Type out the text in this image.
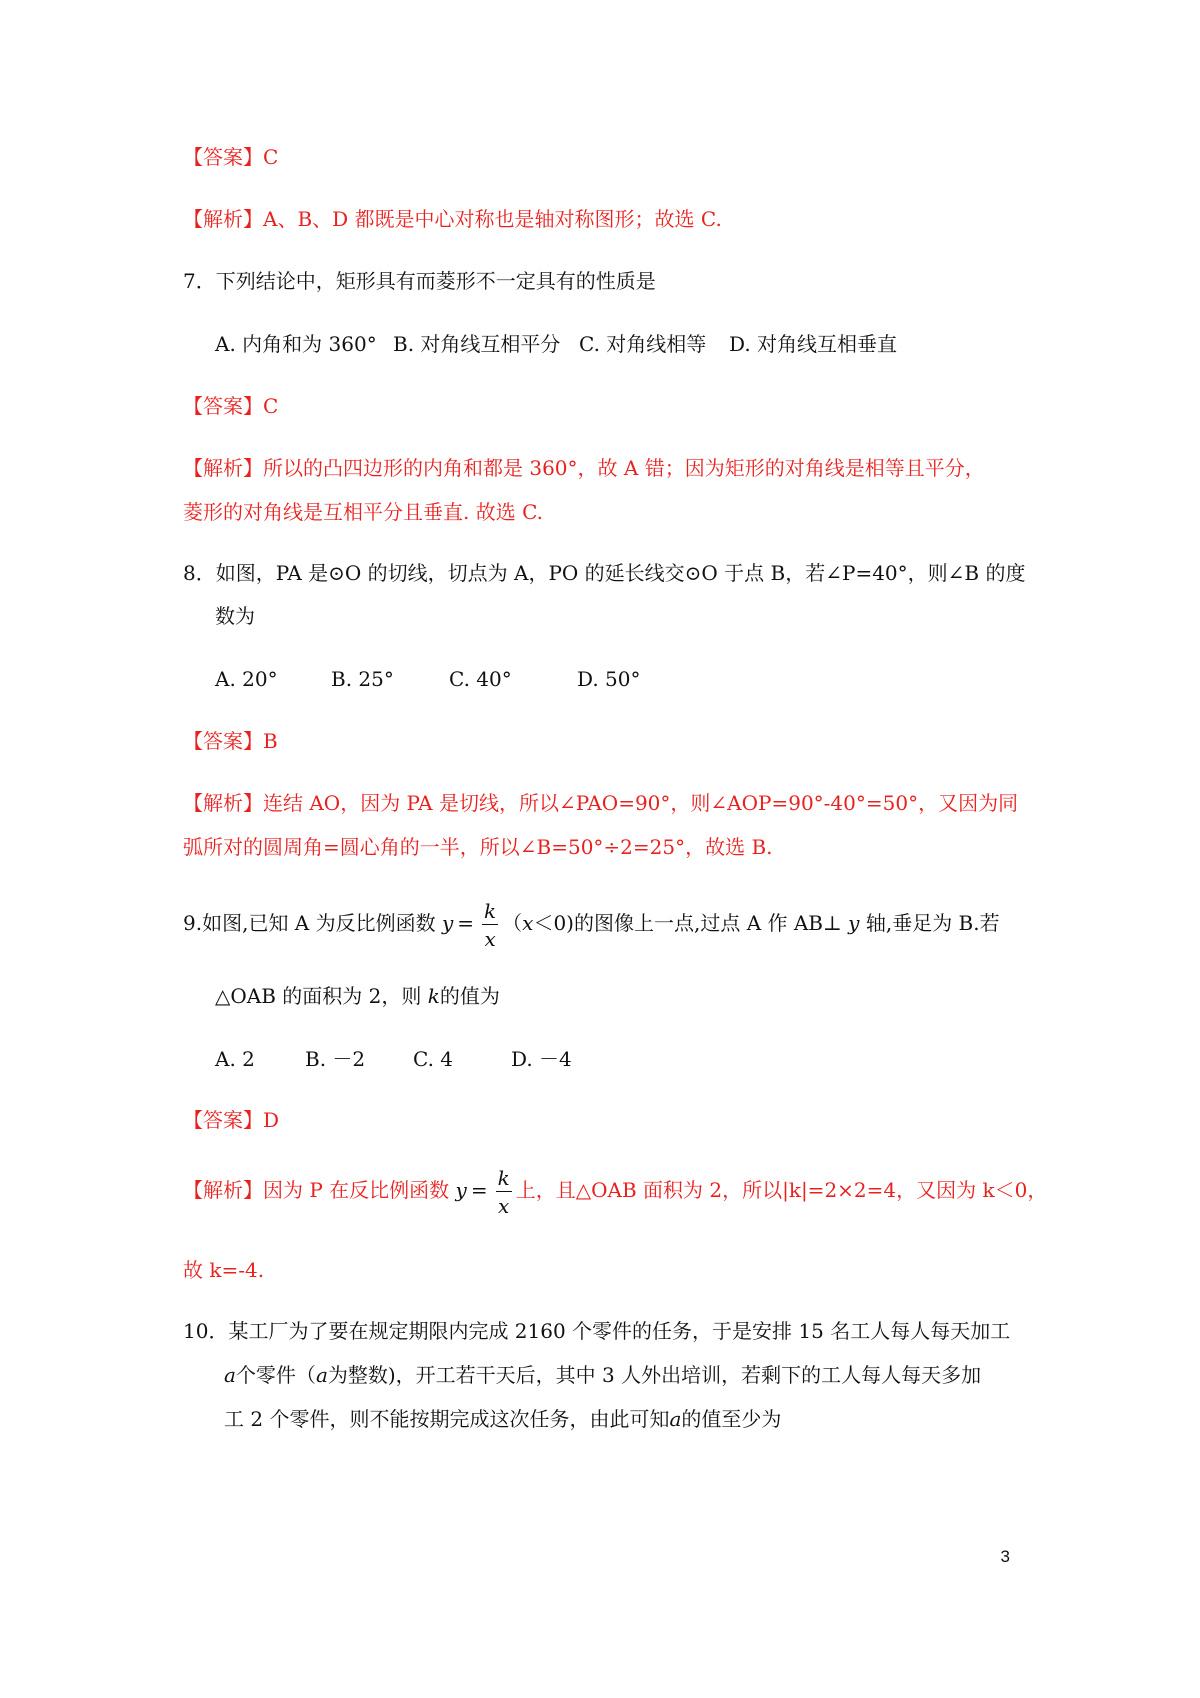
【答案】C
【解析】A、B、D 都既是中心对称也是轴对称图形；故选 C.
7．下列结论中，矩形具有而菱形不一定具有的性质是
A. 内角和为 360° B. 对角线互相平分 C. 对角线相等 D. 对角线互相垂直
【答案】C
【解析】所以的凸四边形的内角和都是 360°，故 A 错；因为矩形的对角线是相等且平分，
菱形的对角线是互相平分且垂直. 故选 C.
8．如图，PA 是⊙O 的切线，切点为 A，PO 的延长线交⊙O 于点 B，若∠P=40°，则∠B 的度
数为
A. 20°	B. 25°	C. 40°	D. 50°
【答案】B
【解析】连结 AO，因为 PA 是切线，所以∠PAO=90°，则∠AOP=90°-40°=50°，又因为同
弧所对的圆周角=圆心角的一半，所以∠B=50°÷2=25°，故选 B.
9.如图,已知 A 为反比例函数 $y = \frac{k}{x} (x<0)$的图像上一点,过点 A 作 AB⊥ y 轴,垂足为 B.若
△OAB 的面积为 2，则 k的值为
A. 2	B. －2 C. 4	D. －4
【答案】D
【解析】因为 P 在反比例函数 $y = \frac{k}{x}$ 上，且△OAB 面积为 2，所以|k|=2×2=4，又因为 k＜0，
故 k=-4.
10．某工厂为了要在规定期限内完成 2160 个零件的任务，于是安排 15 名工人每人每天加工
a个零件（a为整数)，开工若干天后，其中 3 人外出培训，若剩下的工人每人每天多加
工 2 个零件，则不能按期完成这次任务，由此可知a的值至少为
3
